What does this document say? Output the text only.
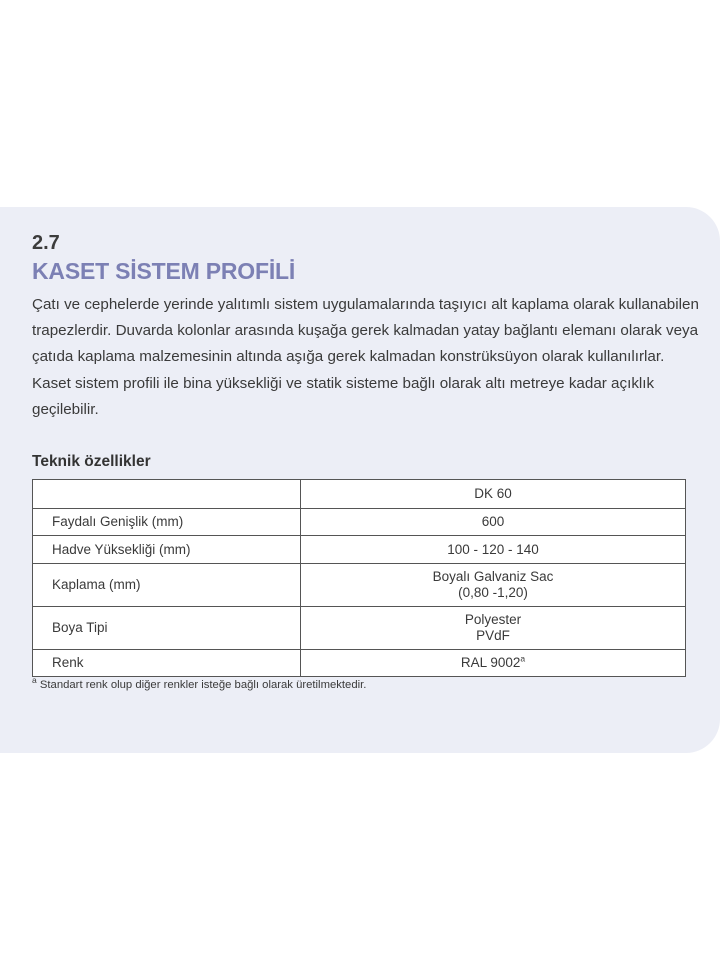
2.7
KASET SİSTEM PROFİLİ

Çatı ve cephelerde yerinde yalıtımlı sistem uygulamalarında taşıyıcı alt kaplama olarak kullanabilen trapezlerdir. Duvarda kolonlar arasında kuşağa gerek kalmadan yatay bağlantı elemanı olarak veya çatıda kaplama malzemesinin altında aşığa gerek kalmadan konstrüksüyon olarak kullanılırlar. Kaset sistem profili ile bina yüksekliği ve statik sisteme bağlı olarak altı metreye kadar açıklık geçilebilir.

Teknik özellikler
	DK 60
Faydalı Genişlik (mm)	600
Hadve Yüksekliği (mm)	100 - 120 - 140
Kaplama (mm)	Boyalı Galvaniz Sac
(0,80 -1,20)

Boya Tipi	Polyester
PVdF

Renk	RAL 9002$^a$
$^a$ Standart renk olup diğer renkler isteğe bağlı olarak üretilmektedir.
